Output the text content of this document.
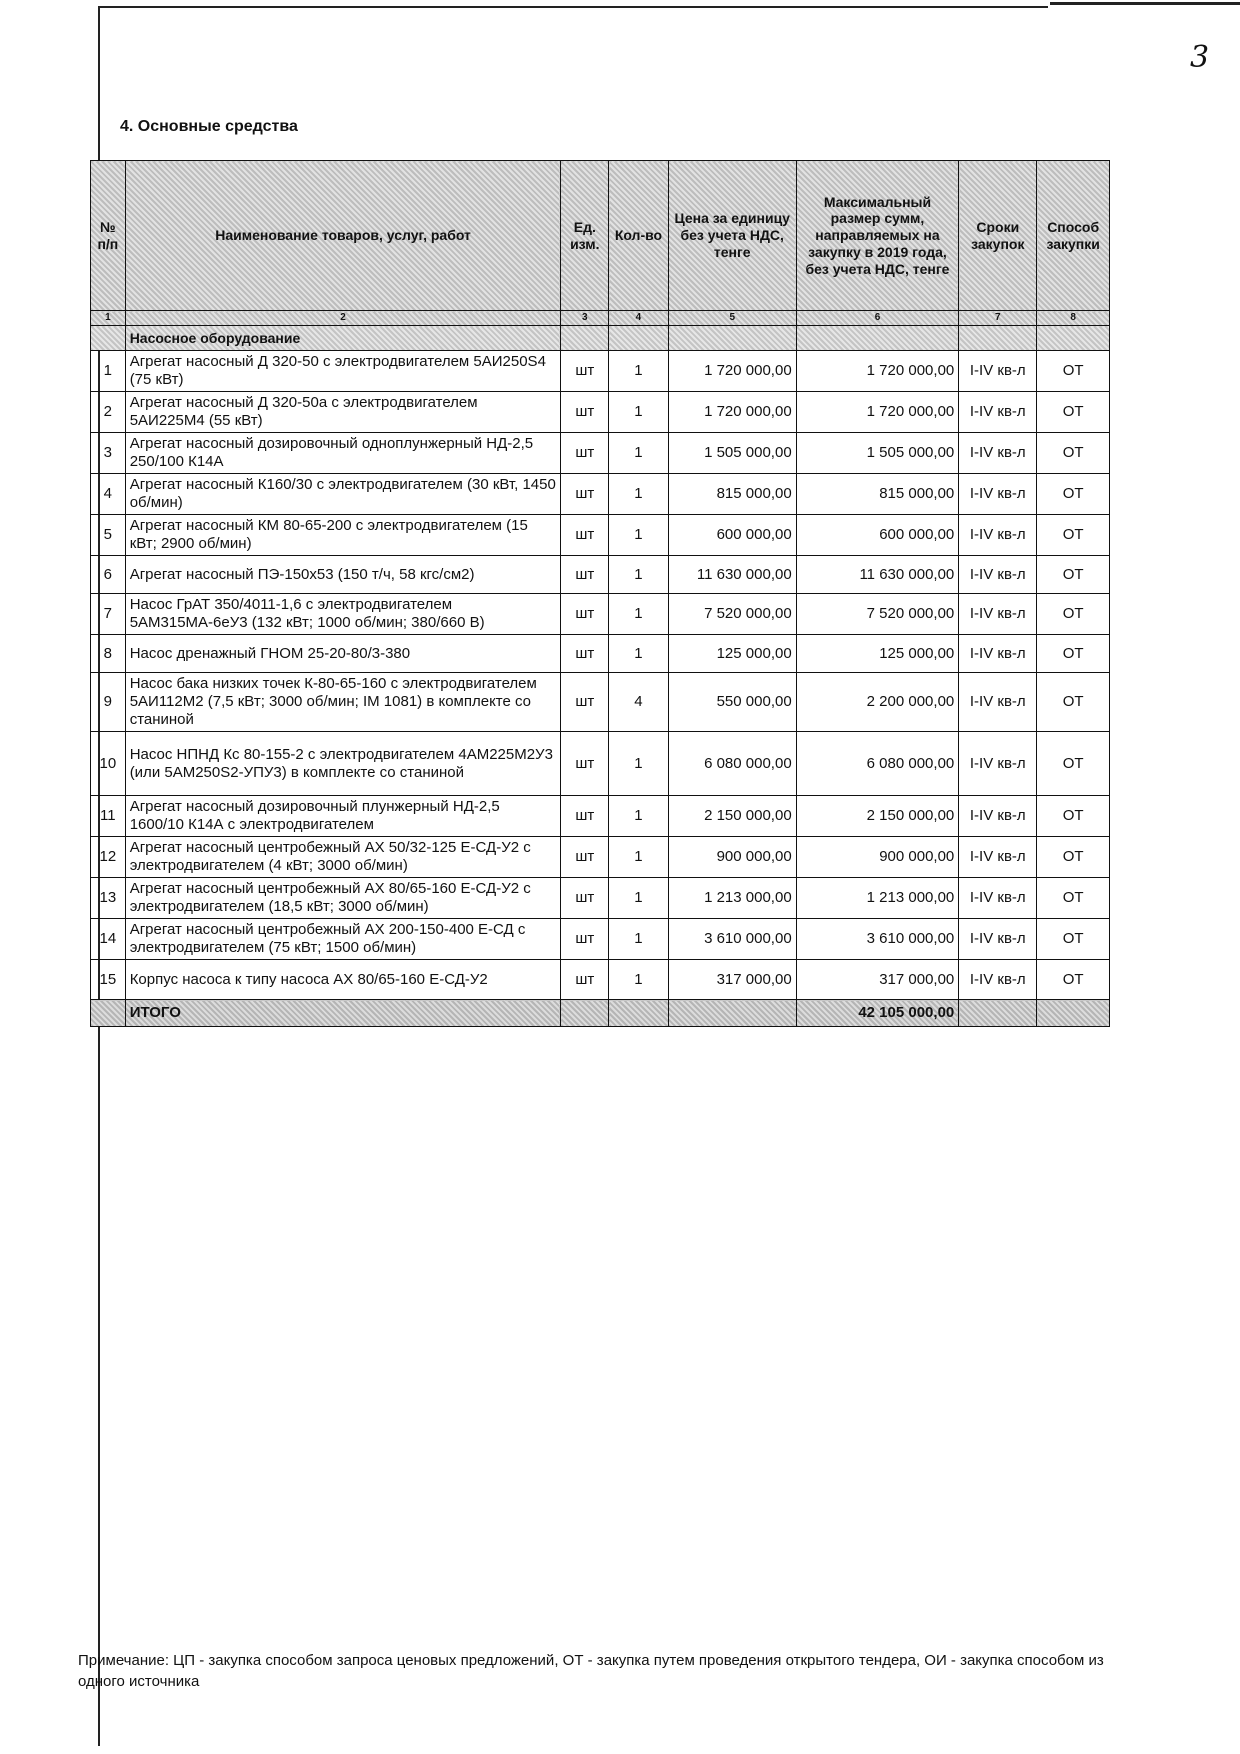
3
4. Основные средства
№ п/п	Наименование товаров, услуг, работ	Ед. изм.	Кол-во	Цена за единицу без учета НДС, тенге	Максимальный размер сумм, направляемых на закупку в 2019 года, без учета НДС, тенге	Сроки закупок	Способ закупки
1	2	3	4	5	6	7	8
	Насосное оборудование						
1	Агрегат насосный Д 320-50 с электродвигателем 5АИ250S4 (75 кВт)	шт	1	1 720 000,00	1 720 000,00	I-IV кв-л	ОТ
2	Агрегат насосный Д 320-50а с электродвигателем 5АИ225М4 (55 кВт)	шт	1	1 720 000,00	1 720 000,00	I-IV кв-л	ОТ
3	Агрегат насосный дозировочный одноплунжерный НД-2,5 250/100 К14А	шт	1	1 505 000,00	1 505 000,00	I-IV кв-л	ОТ
4	Агрегат насосный К160/30 с электродвигателем (30 кВт, 1450 об/мин)	шт	1	815 000,00	815 000,00	I-IV кв-л	ОТ
5	Агрегат насосный КМ 80-65-200 с электродвигателем (15 кВт; 2900 об/мин)	шт	1	600 000,00	600 000,00	I-IV кв-л	ОТ
6	Агрегат насосный ПЭ-150х53 (150 т/ч, 58 кгс/см2)	шт	1	11 630 000,00	11 630 000,00	I-IV кв-л	ОТ
7	Насос ГрАТ 350/4011-1,6 с электродвигателем 5АМ315МА-6еУ3 (132 кВт; 1000 об/мин; 380/660 В)	шт	1	7 520 000,00	7 520 000,00	I-IV кв-л	ОТ
8	Насос дренажный ГНОМ 25-20-80/3-380	шт	1	125 000,00	125 000,00	I-IV кв-л	ОТ
9	Насос бака низких точек К-80-65-160 с электродвигателем 5АИ112М2 (7,5 кВт; 3000 об/мин; IM 1081) в комплекте со станиной	шт	4	550 000,00	2 200 000,00	I-IV кв-л	ОТ
10	Насос НПНД Кс 80-155-2 с электродвигателем 4АМ225М2У3 (или 5АМ250S2-УПУ3) в комплекте со станиной	шт	1	6 080 000,00	6 080 000,00	I-IV кв-л	ОТ
11	Агрегат насосный дозировочный плунжерный НД-2,5 1600/10 К14А с электродвигателем	шт	1	2 150 000,00	2 150 000,00	I-IV кв-л	ОТ
12	Агрегат насосный центробежный АХ 50/32-125 Е-СД-У2 с электродвигателем (4 кВт; 3000 об/мин)	шт	1	900 000,00	900 000,00	I-IV кв-л	ОТ
13	Агрегат насосный центробежный АХ 80/65-160 Е-СД-У2 с электродвигателем (18,5 кВт; 3000 об/мин)	шт	1	1 213 000,00	1 213 000,00	I-IV кв-л	ОТ
14	Агрегат насосный центробежный АХ 200-150-400 Е-СД с электродвигателем (75 кВт; 1500 об/мин)	шт	1	3 610 000,00	3 610 000,00	I-IV кв-л	ОТ
15	Корпус насоса к типу насоса АХ 80/65-160 Е-СД-У2	шт	1	317 000,00	317 000,00	I-IV кв-л	ОТ
	ИТОГО				42 105 000,00		
Примечание: ЦП - закупка способом запроса ценовых предложений, ОТ - закупка путем проведения открытого тендера, ОИ - закупка способом из одного источника
